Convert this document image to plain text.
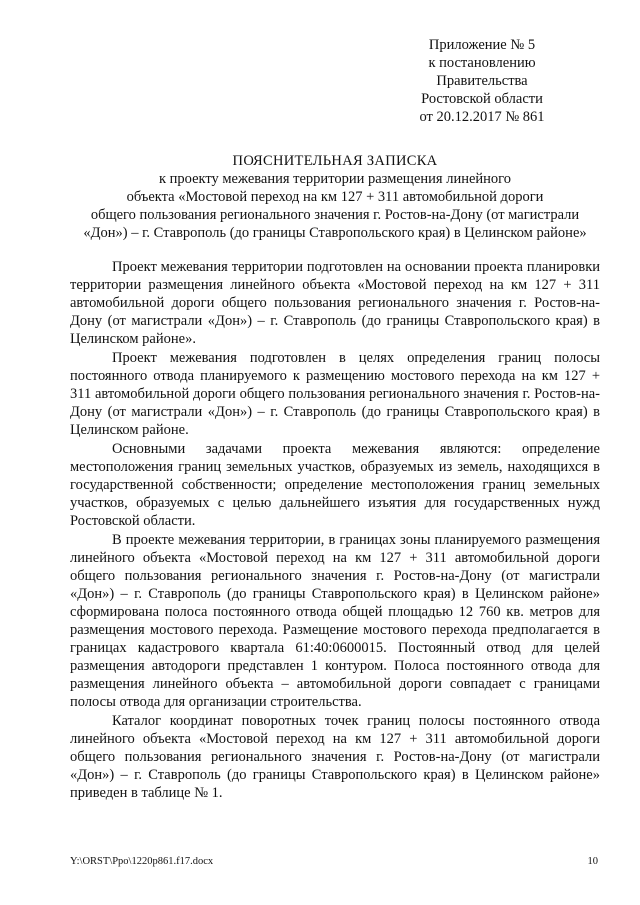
Приложение № 5
к постановлению
Правительства
Ростовской области
от 20.12.2017 № 861
ПОЯСНИТЕЛЬНАЯ ЗАПИСКА
к проекту межевания территории размещения линейного
объекта «Мостовой переход на км 127 + 311 автомобильной дороги
общего пользования регионального значения г. Ростов-на-Дону (от магистрали
«Дон») – г. Ставрополь (до границы Ставропольского края) в Целинском районе»

Проект межевания территории подготовлен на основании проекта планировки территории размещения линейного объекта «Мостовой переход на км 127 + 311 автомобильной дороги общего пользования регионального значения г. Ростов-на-Дону (от магистрали «Дон») – г. Ставрополь (до границы Ставропольского края) в Целинском районе».

Проект межевания подготовлен в целях определения границ полосы постоянного отвода планируемого к размещению мостового перехода на км 127 + 311 автомобильной дороги общего пользования регионального значения г. Ростов-на-Дону (от магистрали «Дон») – г. Ставрополь (до границы Ставропольского края) в Целинском районе.

Основными задачами проекта межевания являются: определение местоположения границ земельных участков, образуемых из земель, находящихся в государственной собственности; определение местоположения границ земельных участков, образуемых с целью дальнейшего изъятия для государственных нужд Ростовской области.

В проекте межевания территории, в границах зоны планируемого размещения линейного объекта «Мостовой переход на км 127 + 311 автомобильной дороги общего пользования регионального значения г. Ростов-на-Дону (от магистрали «Дон») – г. Ставрополь (до границы Ставропольского края) в Целинском районе» сформирована полоса постоянного отвода общей площадью 12 760 кв. метров для размещения мостового перехода. Размещение мостового перехода предполагается в границах кадастрового квартала 61:40:0600015. Постоянный отвод для целей размещения автодороги представлен 1 контуром. Полоса постоянного отвода для размещения линейного объекта – автомобильной дороги совпадает с границами полосы отвода для организации строительства.

Каталог координат поворотных точек границ полосы постоянного отвода линейного объекта «Мостовой переход на км 127 + 311 автомобильной дороги общего пользования регионального значения г. Ростов-на-Дону (от магистрали «Дон») – г. Ставрополь (до границы Ставропольского края) в Целинском районе» приведен в таблице № 1.

Y:\ORST\Ppo\1220p861.f17.docx	10
